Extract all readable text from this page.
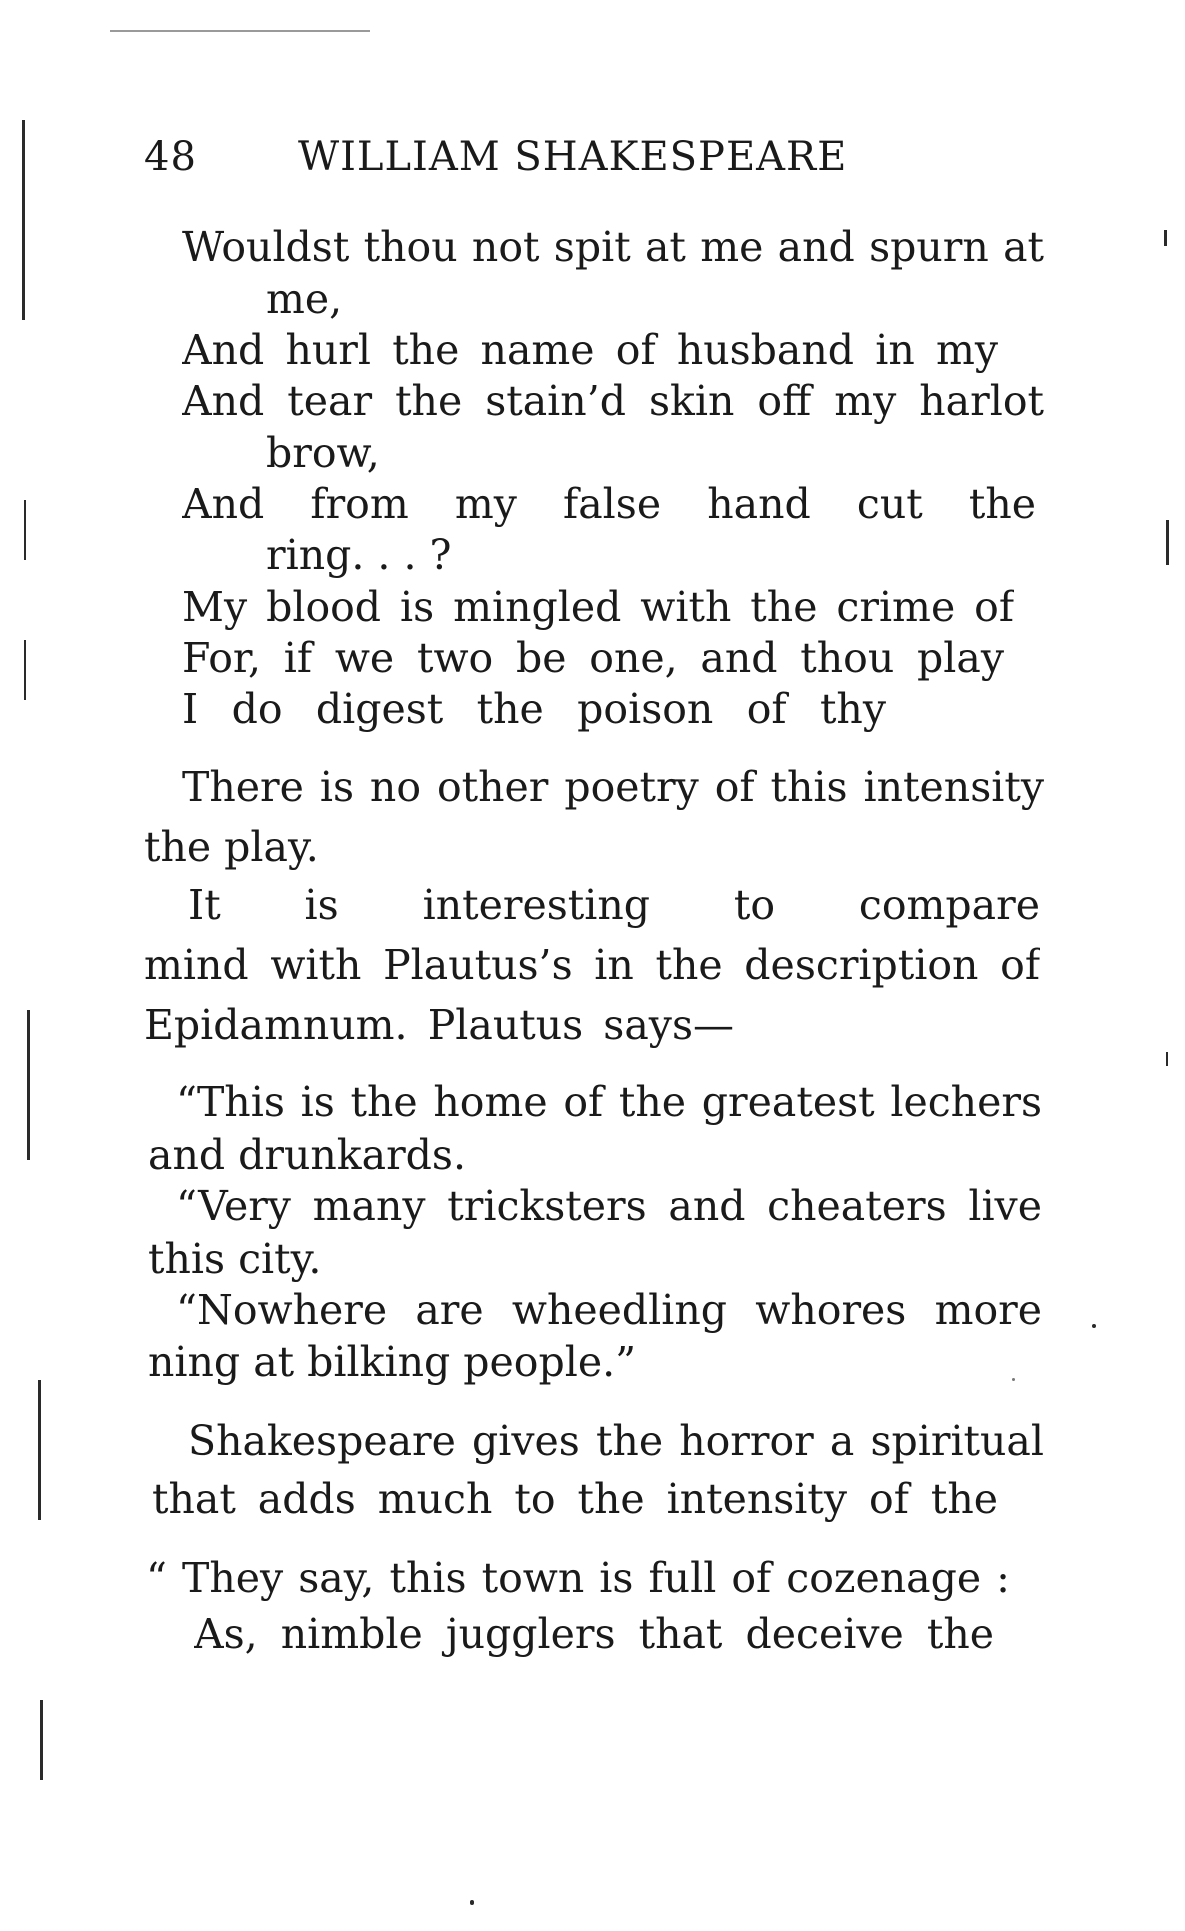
48	WILLIAM SHAKESPEARE
Wouldst thou not spit at me and spurn at
me,
And hurl the name of husband in my
And tear the stain’d skin off my harlot
brow,
And from my false hand cut the
ring. . . ?
My blood is mingled with the crime of
For, if we two be one, and thou play
I do digest the poison of thy
There is no other poetry of this intensity
the play.
It is interesting to compare
mind with Plautus’s in the description of
Epidamnum. Plautus says—
“This is the home of the greatest lechers
and drunkards.
“Very many tricksters and cheaters live
this city.
“Nowhere are wheedling whores more
ning at bilking people.”
Shakespeare gives the horror a spiritual
that adds much to the intensity of the
“ They say, this town is full of cozenage :
As, nimble jugglers that deceive the
